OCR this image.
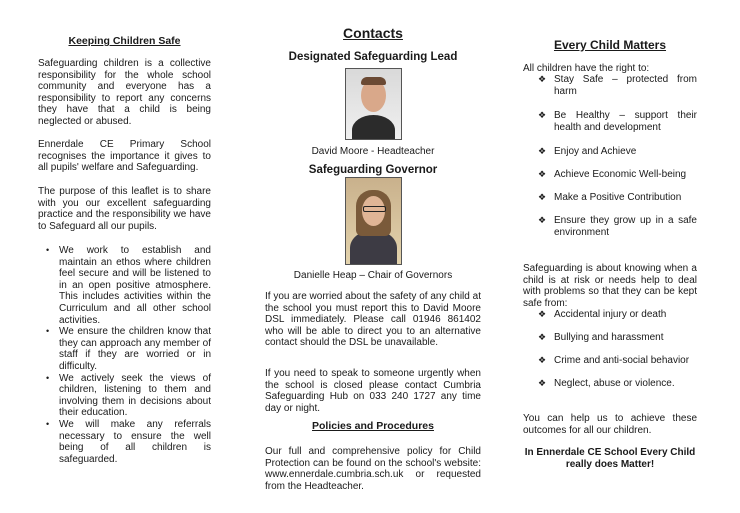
Keeping Children Safe

Safeguarding children is a collective responsibility for the whole school community and everyone has a responsibility to report any concerns they have that a child is being neglected or abused.

Ennerdale CE Primary School recognises the importance it gives to all pupils' welfare and Safeguarding.

The purpose of this leaflet is to share with you our excellent safeguarding practice and the responsibility we have to Safeguard all our pupils.

• We work to establish and maintain an ethos where children feel secure and will be listened to in an open positive atmosphere. This includes activities within the Curriculum and all other school activities.
• We ensure the children know that they can approach any member of staff if they are worried or in difficulty.
• We actively seek the views of children, listening to them and involving them in decisions about their education.
• We will make any referrals necessary to ensure the well being of all children is safeguarded.
Contacts
Designated Safeguarding Lead
David Moore - Headteacher
Safeguarding Governor
Danielle Heap – Chair of Governors

If you are worried about the safety of any child at the school you must report this to David Moore DSL immediately. Please call 01946 861402 who will be able to direct you to an alternative contact should the DSL be unavailable.

If you need to speak to someone urgently when the school is closed please contact Cumbria Safeguarding Hub on 033 240 1727 any time day or night.

Policies and Procedures

Our full and comprehensive policy for Child Protection can be found on the school's website: www.ennerdale.cumbria.sch.uk or requested from the Headteacher.

Every Child Matters

All children have the right to:

❖ Stay Safe – protected from harm
❖ Be Healthy – support their health and development
❖ Enjoy and Achieve
❖ Achieve Economic Well-being
❖ Make a Positive Contribution
❖ Ensure they grow up in a safe environment

Safeguarding is about knowing when a child is at risk or needs help to deal with problems so that they can be kept safe from:

❖ Accidental injury or death
❖ Bullying and harassment
❖ Crime and anti-social behavior
❖ Neglect, abuse or violence.

You can help us to achieve these outcomes for all our children.

In Ennerdale CE School Every Child really does Matter!
